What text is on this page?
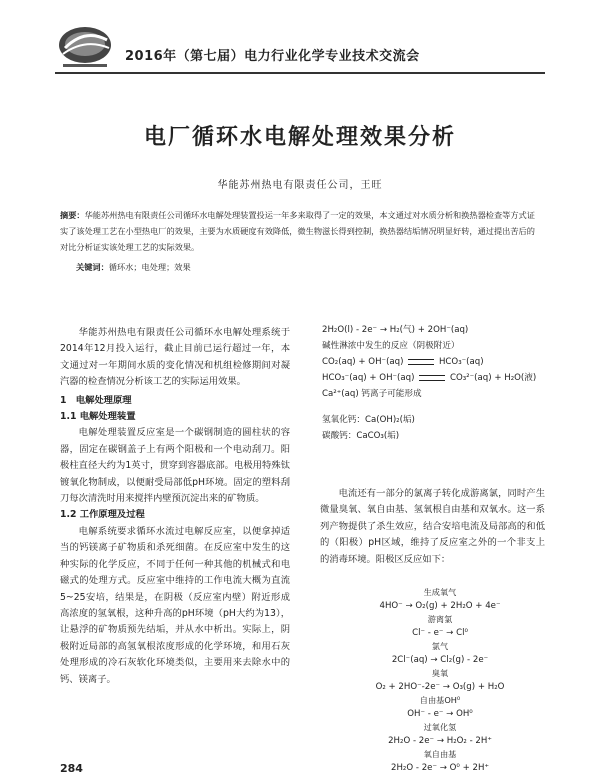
2016年（第七届）电力行业化学专业技术交流会
电厂循环水电解处理效果分析
华能苏州热电有限责任公司，王旺
摘要：华能苏州热电有限责任公司循环水电解处理装置投运一年多来取得了一定的效果，本文通过对水质分析和换热器检查等方式证实了该处理工艺在小型热电厂的效果，主要为水质硬度有效降低，微生物滋长得到控制，换热器结垢情况明显好转，通过提出苦后的对比分析证实该处理工艺的实际效果。
关键词：循环水；电处理；效果

华能苏州热电有限责任公司循环水电解处理系统于2014年12月投入运行，截止目前已运行超过一年，本文通过对一年期间水质的变化情况和机组检修期间对凝汽器的检查情况分析该工艺的实际运用效果。

1　电解处理原理

1.1 电解处理装置

电解处理装置反应室是一个碳钢制造的圆柱状的容器，固定在碳钢盖子上有两个阳极和一个电动刮刀。阳极柱直径大约为1英寸，贯穿到容器底部。电极用特殊钛镀氧化物制成，以便耐受局部低pH环境。固定的塑料刮刀每次清洗时用来搅拌内壁预沉淀出来的矿物质。

1.2 工作原理及过程

电解系统要求循环水流过电解反应室，以便拿掉适当的钙镁离子矿物质和杀死细菌。在反应室中发生的这种实际的化学反应，不同于任何一种其他的机械式和电磁式的处理方式。反应室中维持的工作电流大概为直流5~25安培，结果是，在阴极（反应室内壁）附近形成高浓度的氢氧根，这种升高的pH环境（pH大约为13），让悬浮的矿物质预先结垢，并从水中析出。实际上，阴极附近局部的高氢氧根浓度形成的化学环境，和用石灰处理形成的冷石灰软化环境类似，主要用来去除水中的钙、镁离子。

2H₂O(l) - 2e⁻ → H₂(气) + 2OH⁻(aq)
碱性淋浓中发生的反应（阴极附近）
CO₂(aq) + OH⁻(aq)	HCO₃⁻(aq)
HCO₃⁻(aq) + OH⁻(aq)	CO₃²⁻(aq) + H₂O(液)
Ca²⁺(aq) 钙离子可能形成
氢氧化钙：Ca(OH)₂(垢)
碳酸钙：CaCO₃(垢)

电流还有一部分的氯离子转化成游离氯，同时产生微量臭氧、氧自由基、氢氧根自由基和双氧水。这一系列产物提供了杀生效应，结合安培电流及局部高的和低的（阳极）pH区域，维持了反应室之外的一个非支上的消毒环境。阳极区反应如下：

生成氧气
4HO⁻ → O₂(g) + 2H₂O + 4e⁻
游离氯
Cl⁻ - e⁻ → Cl⁰
氯气
2Cl⁻(aq) → Cl₂(g) - 2e⁻
臭氧
O₂ + 2HO⁻-2e⁻ → O₃(g) + H₂O
自由基OH⁰
OH⁻ - e⁻ → OH⁰
过氧化氢
2H₂O - 2e⁻ → H₂O₂ - 2H⁺
氧自由基
2H₂O - 2e⁻ → O⁰ + 2H⁺
284
